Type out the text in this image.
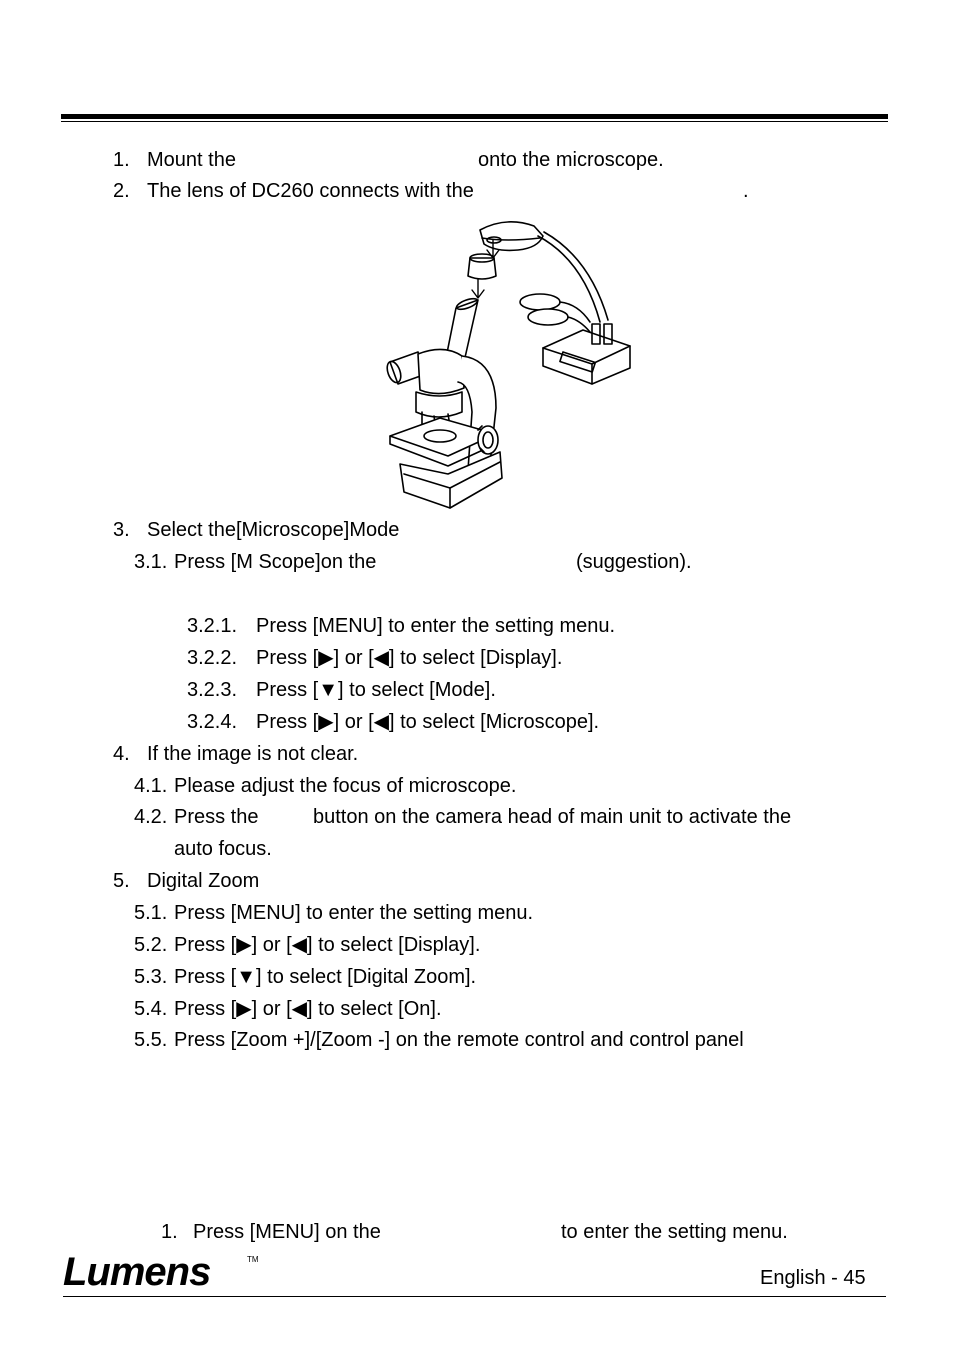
1. Mount the	onto the microscope.
2. The lens of DC260 connects with the	.
3. Select the[Microscope]Mode
3.1. Press [M Scope]on the	(suggestion).
3.2.1. Press [MENU] to enter the setting menu.
3.2.2. Press [▶] or [◀] to select [Display].
3.2.3. Press [▼] to select [Mode].
3.2.4. Press [▶] or [◀] to select [Microscope].
4. If the image is not clear.
4.1. Please adjust the focus of microscope.
4.2. Press the	button on the camera head of main unit to activate the
auto focus.
5. Digital Zoom
5.1. Press [MENU] to enter the setting menu.
5.2. Press [▶] or [◀] to select [Display].
5.3. Press [▼] to select [Digital Zoom].
5.4. Press [▶] or [◀] to select [On].
5.5. Press [Zoom +]/[Zoom -] on the remote control and control panel
1. Press [MENU] on the	to enter the setting menu.
Lumens	TM
English - 45
